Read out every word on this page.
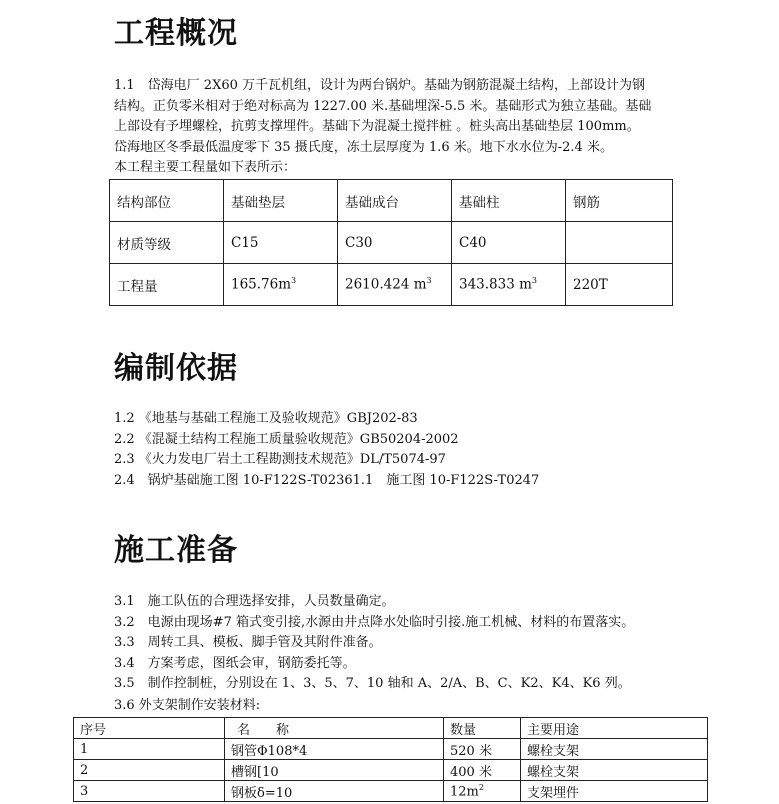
工程概况

1.1　岱海电厂 2X60 万千瓦机组，设计为两台锅炉。基础为钢筋混凝土结构，上部设计为钢

结构。正负零米相对于绝对标高为 1227.00 米.基础埋深-5.5 米。基础形式为独立基础。基础

上部设有予埋螺栓，抗剪支撑埋件。基础下为混凝土搅拌桩 。桩头高出基础垫层 100mm。

岱海地区冬季最低温度零下 35 摄氏度，冻土层厚度为 1.6 米。地下水水位为-2.4 米。

本工程主要工程量如下表所示：

结构部位	基础垫层	基础成台	基础柱	钢筋
材质等级	C15	C30	C40	
工程量	$165.76m^3$	2610.424 $m^3$	343.833 $m^3$	220T
编制依据
1.2 《地基与基础工程施工及验收规范》GBJ202-83
2.2 《混凝土结构工程施工质量验收规范》GB50204-2002
2.3 《火力发电厂岩土工程勘测技术规范》DL/T5074-97
2.4　锅炉基础施工图 10-F122S-T02361.1　施工图 10-F122S-T0247
施工准备
3.1　施工队伍的合理选择安排，人员数量确定。
3.2　电源由现场#7 箱式变引接,水源由井点降水处临时引接.施工机械、材料的布置落实。
3.3　周转工具、模板、脚手管及其附件准备。
3.4　方案考虑，图纸会审，钢筋委托等。
3.5　制作控制桩，分别设在 1、3、5、7、10 轴和 A、2/A、B、C、K2、K4、K6 列。
3.6 外支架制作安装材料:
序号	名　　称	数量	主要用途
1	钢管Φ108*4	520 米	螺栓支架
2	槽钢[10	400 米	螺栓支架
3	钢板δ=10	$12m^2$	支架埋件
